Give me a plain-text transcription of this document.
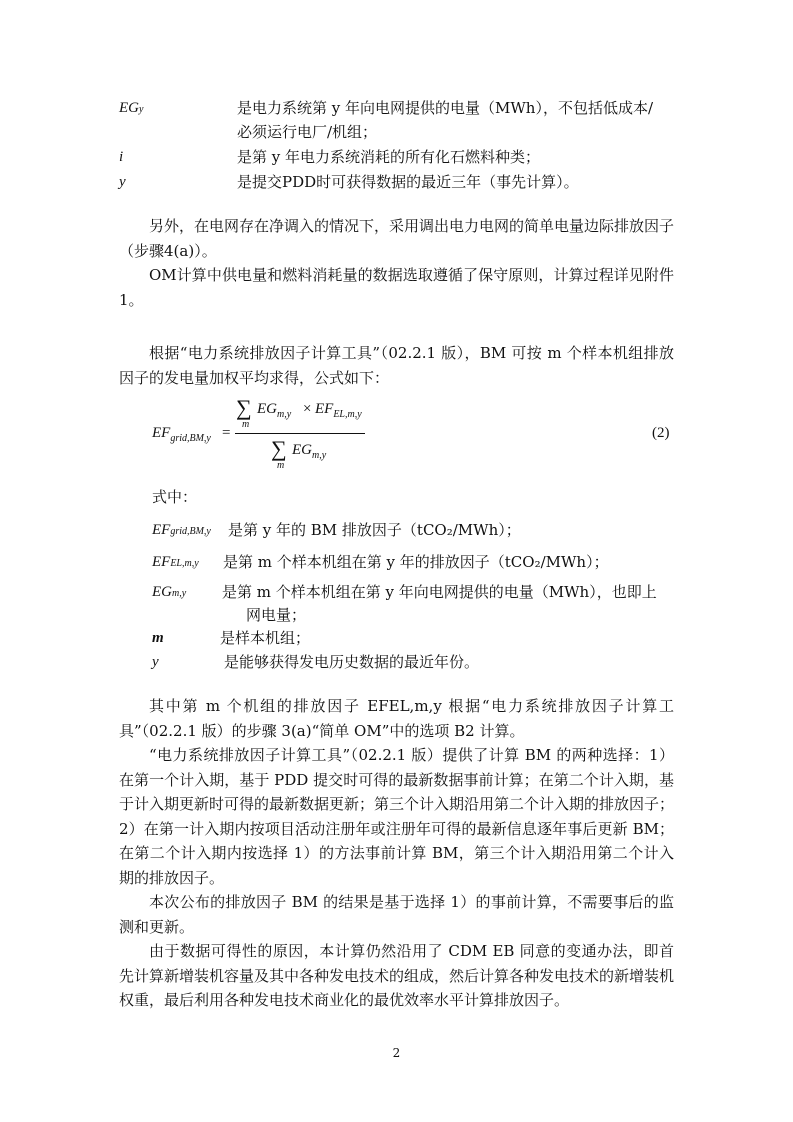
EGy	是电力系统第 y 年向电网提供的电量（MWh），不包括低成本/
必须运行电厂/机组；
i	是第 y 年电力系统消耗的所有化石燃料种类；
y	是提交PDD时可获得数据的最近三年（事先计算）。
另外，在电网存在净调入的情况下，采用调出电力电网的简单电量边际排放因子（步骤4(a)）。
OM计算中供电量和燃料消耗量的数据选取遵循了保守原则，计算过程详见附件1。
根据“电力系统排放因子计算工具”（02.2.1 版），BM 可按 m 个样本机组排放因子的发电量加权平均求得，公式如下：
$EF_{grid,BM,y}$ =
∑
m
$EG_{m,y} \times EF_{EL,m,y}$
∑
m
$EG_{m,y}$
(2)
式中：
EFgrid,BM,y 是第 y 年的 BM 排放因子（tCO₂/MWh）；
EFEL,m,y 是第 m 个样本机组在第 y 年的排放因子（tCO₂/MWh）；
EGm,y 是第 m 个样本机组在第 y 年向电网提供的电量（MWh），也即上
网电量；
m	是样本机组；
y	是能够获得发电历史数据的最近年份。
其中第 m 个机组的排放因子 EFEL,m,y 根据“电力系统排放因子计算工具”（02.2.1 版）的步骤 3(a)“简单 OM”中的选项 B2 计算。
“电力系统排放因子计算工具”（02.2.1 版）提供了计算 BM 的两种选择：1）在第一个计入期，基于 PDD 提交时可得的最新数据事前计算；在第二个计入期，基于计入期更新时可得的最新数据更新；第三个计入期沿用第二个计入期的排放因子；2）在第一计入期内按项目活动注册年或注册年可得的最新信息逐年事后更新 BM；在第二个计入期内按选择 1）的方法事前计算 BM，第三个计入期沿用第二个计入期的排放因子。
本次公布的排放因子 BM 的结果是基于选择 1）的事前计算，不需要事后的监测和更新。
由于数据可得性的原因，本计算仍然沿用了 CDM EB 同意的变通办法，即首先计算新增装机容量及其中各种发电技术的组成，然后计算各种发电技术的新增装机权重，最后利用各种发电技术商业化的最优效率水平计算排放因子。
2
